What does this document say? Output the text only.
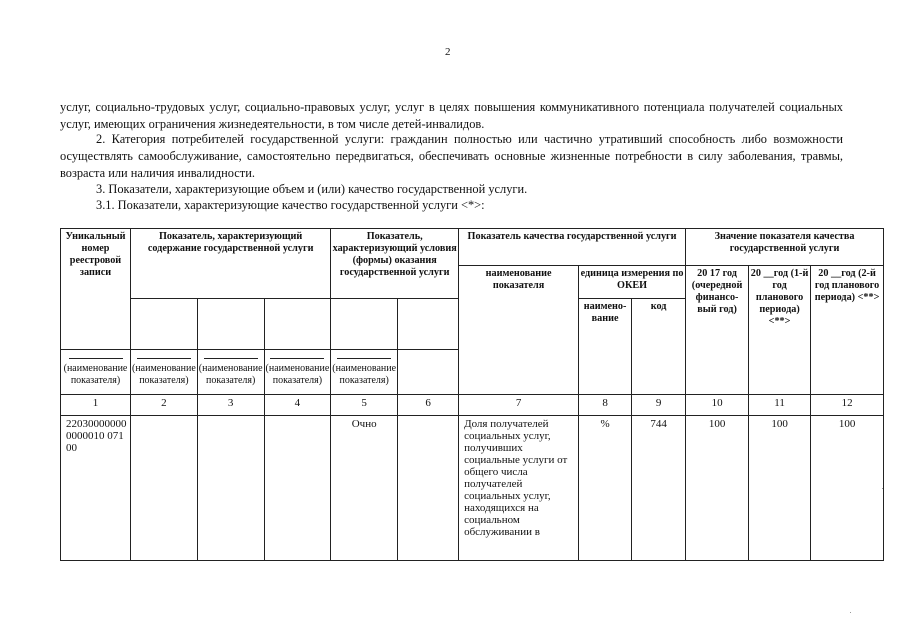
2
услуг, социально-трудовых услуг, социально-правовых услуг, услуг в целях повышения коммуникативного потенциала получателей социальных услуг, имеющих ограничения жизнедеятельности, в том числе детей-инвалидов.
2. Категория потребителей государственной услуги: гражданин полностью или частично утративший способность либо возможности осуществлять самообслуживание, самостоятельно передвигаться, обеспечивать основные жизненные потребности в силу заболевания, травмы, возраста или наличия инвалидности.
3. Показатели, характеризующие объем и (или) качество государственной услуги.
3.1. Показатели, характеризующие качество государственной услуги <*>:
Уникальный номер реестровой записи	Показатель, характеризующий содержание государственной услуги			Показатель, характеризующий условия (формы) оказания государственной услуги		Показатель качества государственной услуги			Значение показателя качества государственной услуги		
						наименование показателя	единица измерения по ОКЕИ		20 17 год (очередной финансо-вый год)	20 __год (1-й год планового периода) <**>	20 __год (2-й год планового периода) <**>
							наимено-вание	код			

(наименование показателя)	(наименование показателя)	(наименование показателя)	(наименование показателя)	(наименование показателя)							
1	2	3	4	5	6	7	8	9	10	11	12
220300000000000010 07100				Очно		Доля получателей социальных услуг, получивших социальные услуги от общего числа получателей социальных услуг, находящихся на социальном обслуживании в	%	744	100	100	100
